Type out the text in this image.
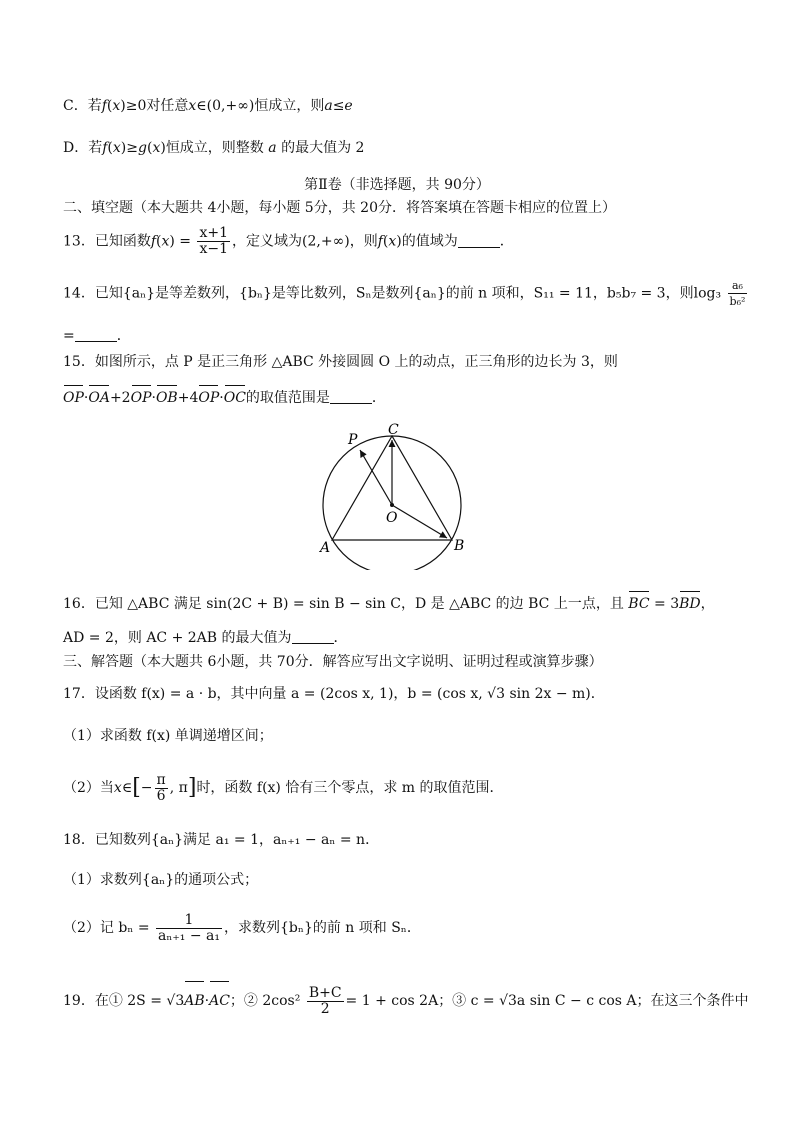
C．若f(x)≥0对任意x∈(0,+∞)恒成立，则a≤e
D．若f(x)≥g(x)恒成立，则整数 a 的最大值为 2
第Ⅱ卷（非选择题，共 90分）
二、填空题（本大题共 4小题，每小题 5分，共 20分．将答案填在答题卡相应的位置上）
13．已知函数$f(x) = \frac{x+1}{x-1}$ ，定义域为(2,+∞)，则f(x)的值域为	．
14．已知{aₙ}是等差数列，{bₙ}是等比数列，Sₙ是数列{aₙ}的前 n 项和，S₁₁ = 11，b₅b₇ = 3，则$\log_3 \frac{\text{a₆}}{\text{b₆²}}$
=	．
15．如图所示，点 P 是正三角形 △ABC 外接圆圆 O 上的动点，正三角形的边长为 3，则
OP·OA+2OP·OB+4OP·OC的取值范围是	．
P
C
O
A	B
16．已知 △ABC 满足 sin(2C + B) = sin B − sin C，D 是 △ABC 的边 BC 上一点，且 BC = 3BD，
AD = 2，则 AC + 2AB 的最大值为	．
三、解答题（本大题共 6小题，共 70分．解答应写出文字说明、证明过程或演算步骤）
17．设函数 f(x) = a · b，其中向量 a = (2cos x, 1)，b = (cos x, √3 sin 2x − m)．
（1）求函数 f(x) 单调递增区间；
（2）当x∈[− $\frac{\pi}{6}$ , π]时，函数 f(x) 恰有三个零点，求 m 的取值范围．
18．已知数列{aₙ}满足 a₁ = 1，aₙ₊₁ − aₙ = n．
（1）求数列{aₙ}的通项公式；
（2）记 $b_n = \frac{1}{\text{aₙ₊₁ − a₁}}$ ，求数列{bₙ}的前 n 项和 Sₙ．
19．在① 2S = √3AB·AC；② $2\cos^2 \frac{B+C}{2} = 1 + \cos 2A$；③ c = √3a sin C − c cos A；在这三个条件中
